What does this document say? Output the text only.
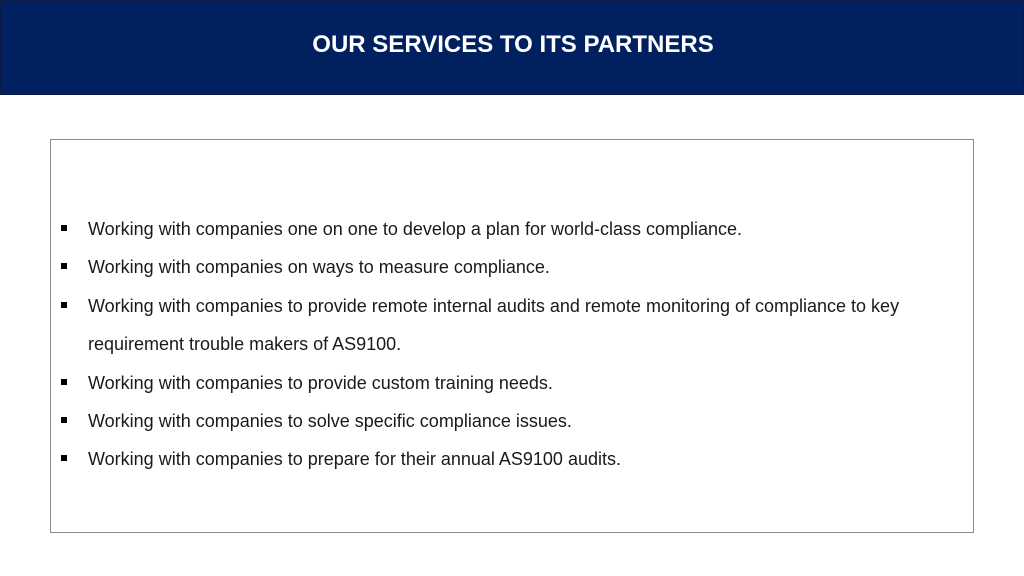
OUR SERVICES TO ITS PARTNERS
Working with companies one on one to develop a plan for world-class compliance.
Working with companies on ways to measure compliance.
Working with companies to provide remote internal audits and remote monitoring of compliance to key requirement trouble makers of AS9100.
Working with companies to provide custom training needs.
Working with companies to solve specific compliance issues.
Working with companies to prepare for their annual AS9100 audits.
